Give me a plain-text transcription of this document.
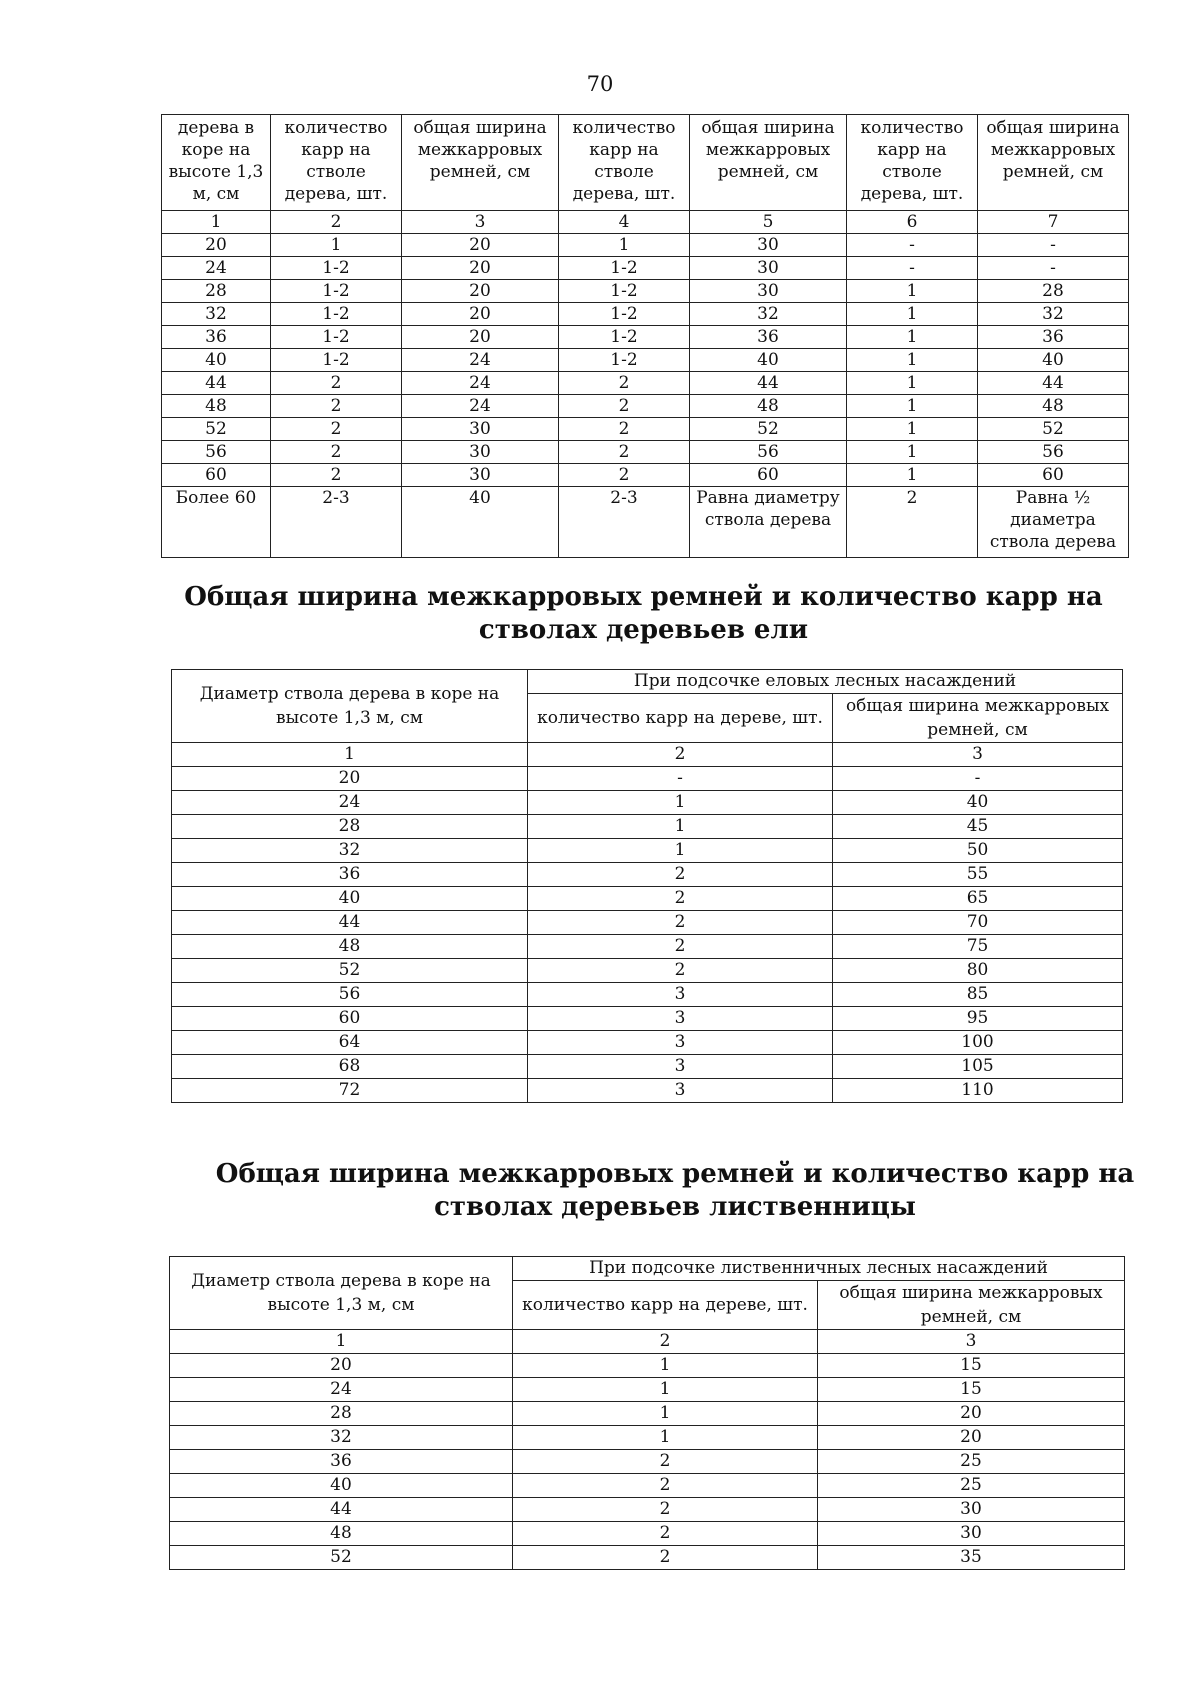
70
дерева в коре на высоте 1,3 м, см	количество карр на стволе дерева, шт.	общая ширина межкарровых ремней, см	количество карр на стволе дерева, шт.	общая ширина межкарровых ремней, см	количество карр на стволе дерева, шт.	общая ширина межкарровых ремней, см
1	2	3	4	5	6	7
20	1	20	1	30	-	-
24	1-2	20	1-2	30	-	-
28	1-2	20	1-2	30	1	28
32	1-2	20	1-2	32	1	32
36	1-2	20	1-2	36	1	36
40	1-2	24	1-2	40	1	40
44	2	24	2	44	1	44
48	2	24	2	48	1	48
52	2	30	2	52	1	52
56	2	30	2	56	1	56
60	2	30	2	60	1	60
Более 60	2-3	40	2-3	Равна диаметру ствола дерева	2	Равна ½ диаметра ствола дерева
Общая ширина межкарровых ремней и количество карр на стволах деревьев ели
Диаметр ствола дерева в коре на высоте 1,3 м, см	При подсочке еловых лесных насаждений	
	количество карр на дереве, шт.	общая ширина межкарровых ремней, см
1	2	3
20	-	-
24	1	40
28	1	45
32	1	50
36	2	55
40	2	65
44	2	70
48	2	75
52	2	80
56	3	85
60	3	95
64	3	100
68	3	105
72	3	110
Общая ширина межкарровых ремней и количество карр на стволах деревьев лиственницы
Диаметр ствола дерева в коре на высоте 1,3 м, см	При подсочке лиственничных лесных насаждений	
	количество карр на дереве, шт.	общая ширина межкарровых ремней, см
1	2	3
20	1	15
24	1	15
28	1	20
32	1	20
36	2	25
40	2	25
44	2	30
48	2	30
52	2	35
